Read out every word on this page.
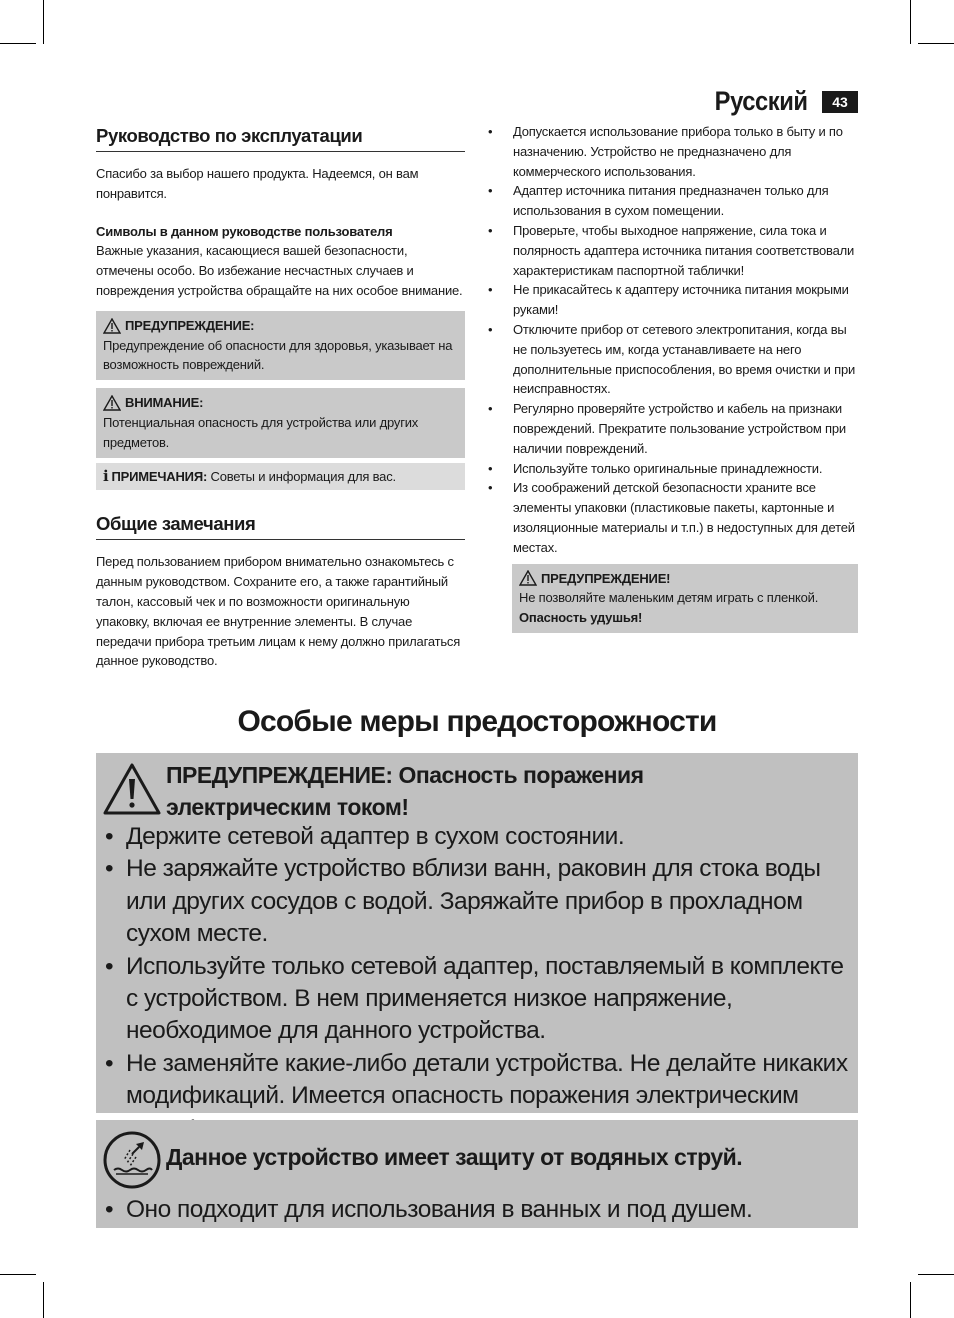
Русский	43
Руководство по эксплуатации

Спасибо за выбор нашего продукта. Надеемся, он вам понравится.

Символы в данном руководстве пользователя

Важные указания, касающиеся вашей безопасности, отмечены особо. Во избежание несчастных случаев и повреждения устройства обращайте на них особое внимание.

ПРЕДУПРЕЖДЕНИЕ:
Предупреждение об опасности для здоровья, указывает на возможность повреждений.
ВНИМАНИЕ:
Потенциальная опасность для устройства или других предметов.
ℹ ПРИМЕЧАНИЯ: Советы и информация для вас.
Общие замечания

Перед пользованием прибором внимательно ознакомьтесь с данным руководством. Сохраните его, а также гарантийный талон, кассовый чек и по возможности оригинальную упаковку, включая ее внутренние элементы. В случае передачи прибора третьим лицам к нему должно прилагаться данное руководство.

• Допускается использование прибора только в быту и по назначению. Устройство не предназначено для коммерческого использования.
• Адаптер источника питания предназначен только для использования в сухом помещении.
• Проверьте, чтобы выходное напряжение, сила тока и полярность адаптера источника питания соответствовали характеристикам паспортной таблички!
• Не прикасайтесь к адаптеру источника питания мокрыми руками!
• Отключите прибор от сетевого электропитания, когда вы не пользуетесь им, когда устанавливаете на него дополнительные приспособления, во время очистки и при неисправностях.
• Регулярно проверяйте устройство и кабель на признаки повреждений. Прекратите пользование устройством при наличии повреждений.
• Используйте только оригинальные принадлежности.
• Из соображений детской безопасности храните все элементы упаковки (пластиковые пакеты, картонные и изоляционные материалы и т.п.) в недоступных для детей местах.
ПРЕДУПРЕЖДЕНИЕ!
Не позволяйте маленьким детям играть с пленкой.
Опасность удушья!
Особые меры предосторожности
ПРЕДУПРЕЖДЕНИЕ: Опасность поражения
электрическим током!
• Держите сетевой адаптер в сухом состоянии.
• Не заряжайте устройство вблизи ванн, раковин для стока воды или других сосудов с водой. Заряжайте прибор в прохладном сухом месте.
• Используйте только сетевой адаптер, поставляемый в комплекте с устройством. В нем применяется низкое напряжение, необходимое для данного устройства.
• Не заменяйте какие-либо детали устройства. Не делайте никаких модификаций. Имеется опасность поражения электрическим
Данное устройство имеет защиту от водяных струй.
• Оно подходит для использования в ванных и под душем.
